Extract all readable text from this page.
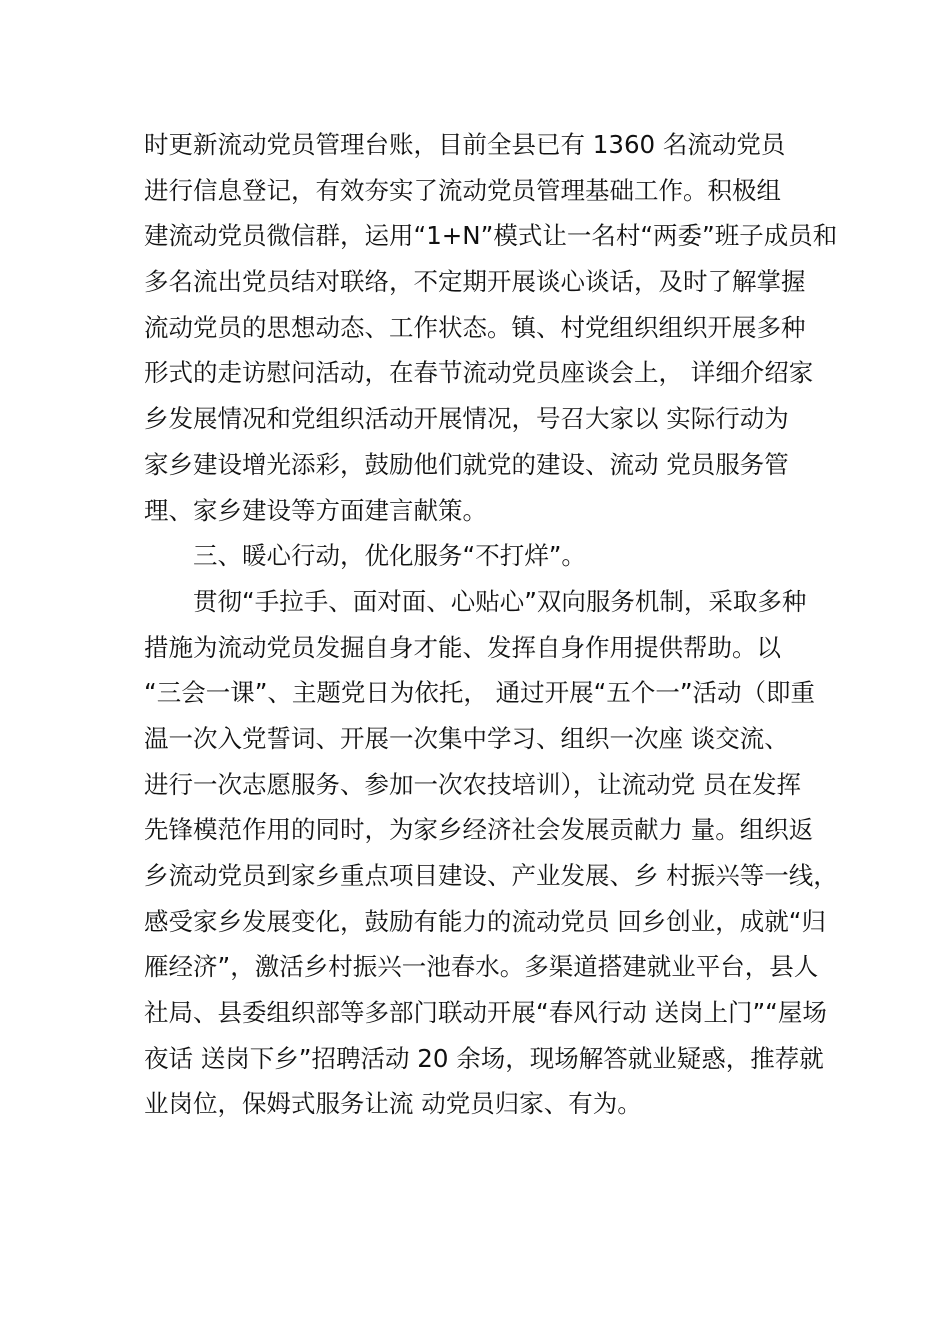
时更新流动党员管理台账，目前全县已有 1360 名流动党员
进行信息登记，有效夯实了流动党员管理基础工作。积极组
建流动党员微信群，运用“1+N”模式让一名村“两委”班子成员和
多名流出党员结对联络，不定期开展谈心谈话，及时了解掌握
流动党员的思想动态、工作状态。镇、村党组织组织开展多种
形式的走访慰问活动，在春节流动党员座谈会上， 详细介绍家
乡发展情况和党组织活动开展情况，号召大家以 实际行动为
家乡建设增光添彩，鼓励他们就党的建设、流动 党员服务管
理、家乡建设等方面建言献策。
三、暖心行动，优化服务“不打烊”。
贯彻“手拉手、面对面、心贴心”双向服务机制，采取多种
措施为流动党员发掘自身才能、发挥自身作用提供帮助。以
“三会一课”、主题党日为依托， 通过开展“五个一”活动（即重
温一次入党誓词、开展一次集中学习、组织一次座 谈交流、
进行一次志愿服务、参加一次农技培训），让流动党 员在发挥
先锋模范作用的同时，为家乡经济社会发展贡献力 量。组织返
乡流动党员到家乡重点项目建设、产业发展、乡 村振兴等一线，
感受家乡发展变化，鼓励有能力的流动党员 回乡创业，成就“归
雁经济”，激活乡村振兴一池春水。多渠道搭建就业平台，县人
社局、县委组织部等多部门联动开展“春风行动 送岗上门”“屋场
夜话 送岗下乡”招聘活动 20 余场，现场解答就业疑惑，推荐就
业岗位，保姆式服务让流 动党员归家、有为。
